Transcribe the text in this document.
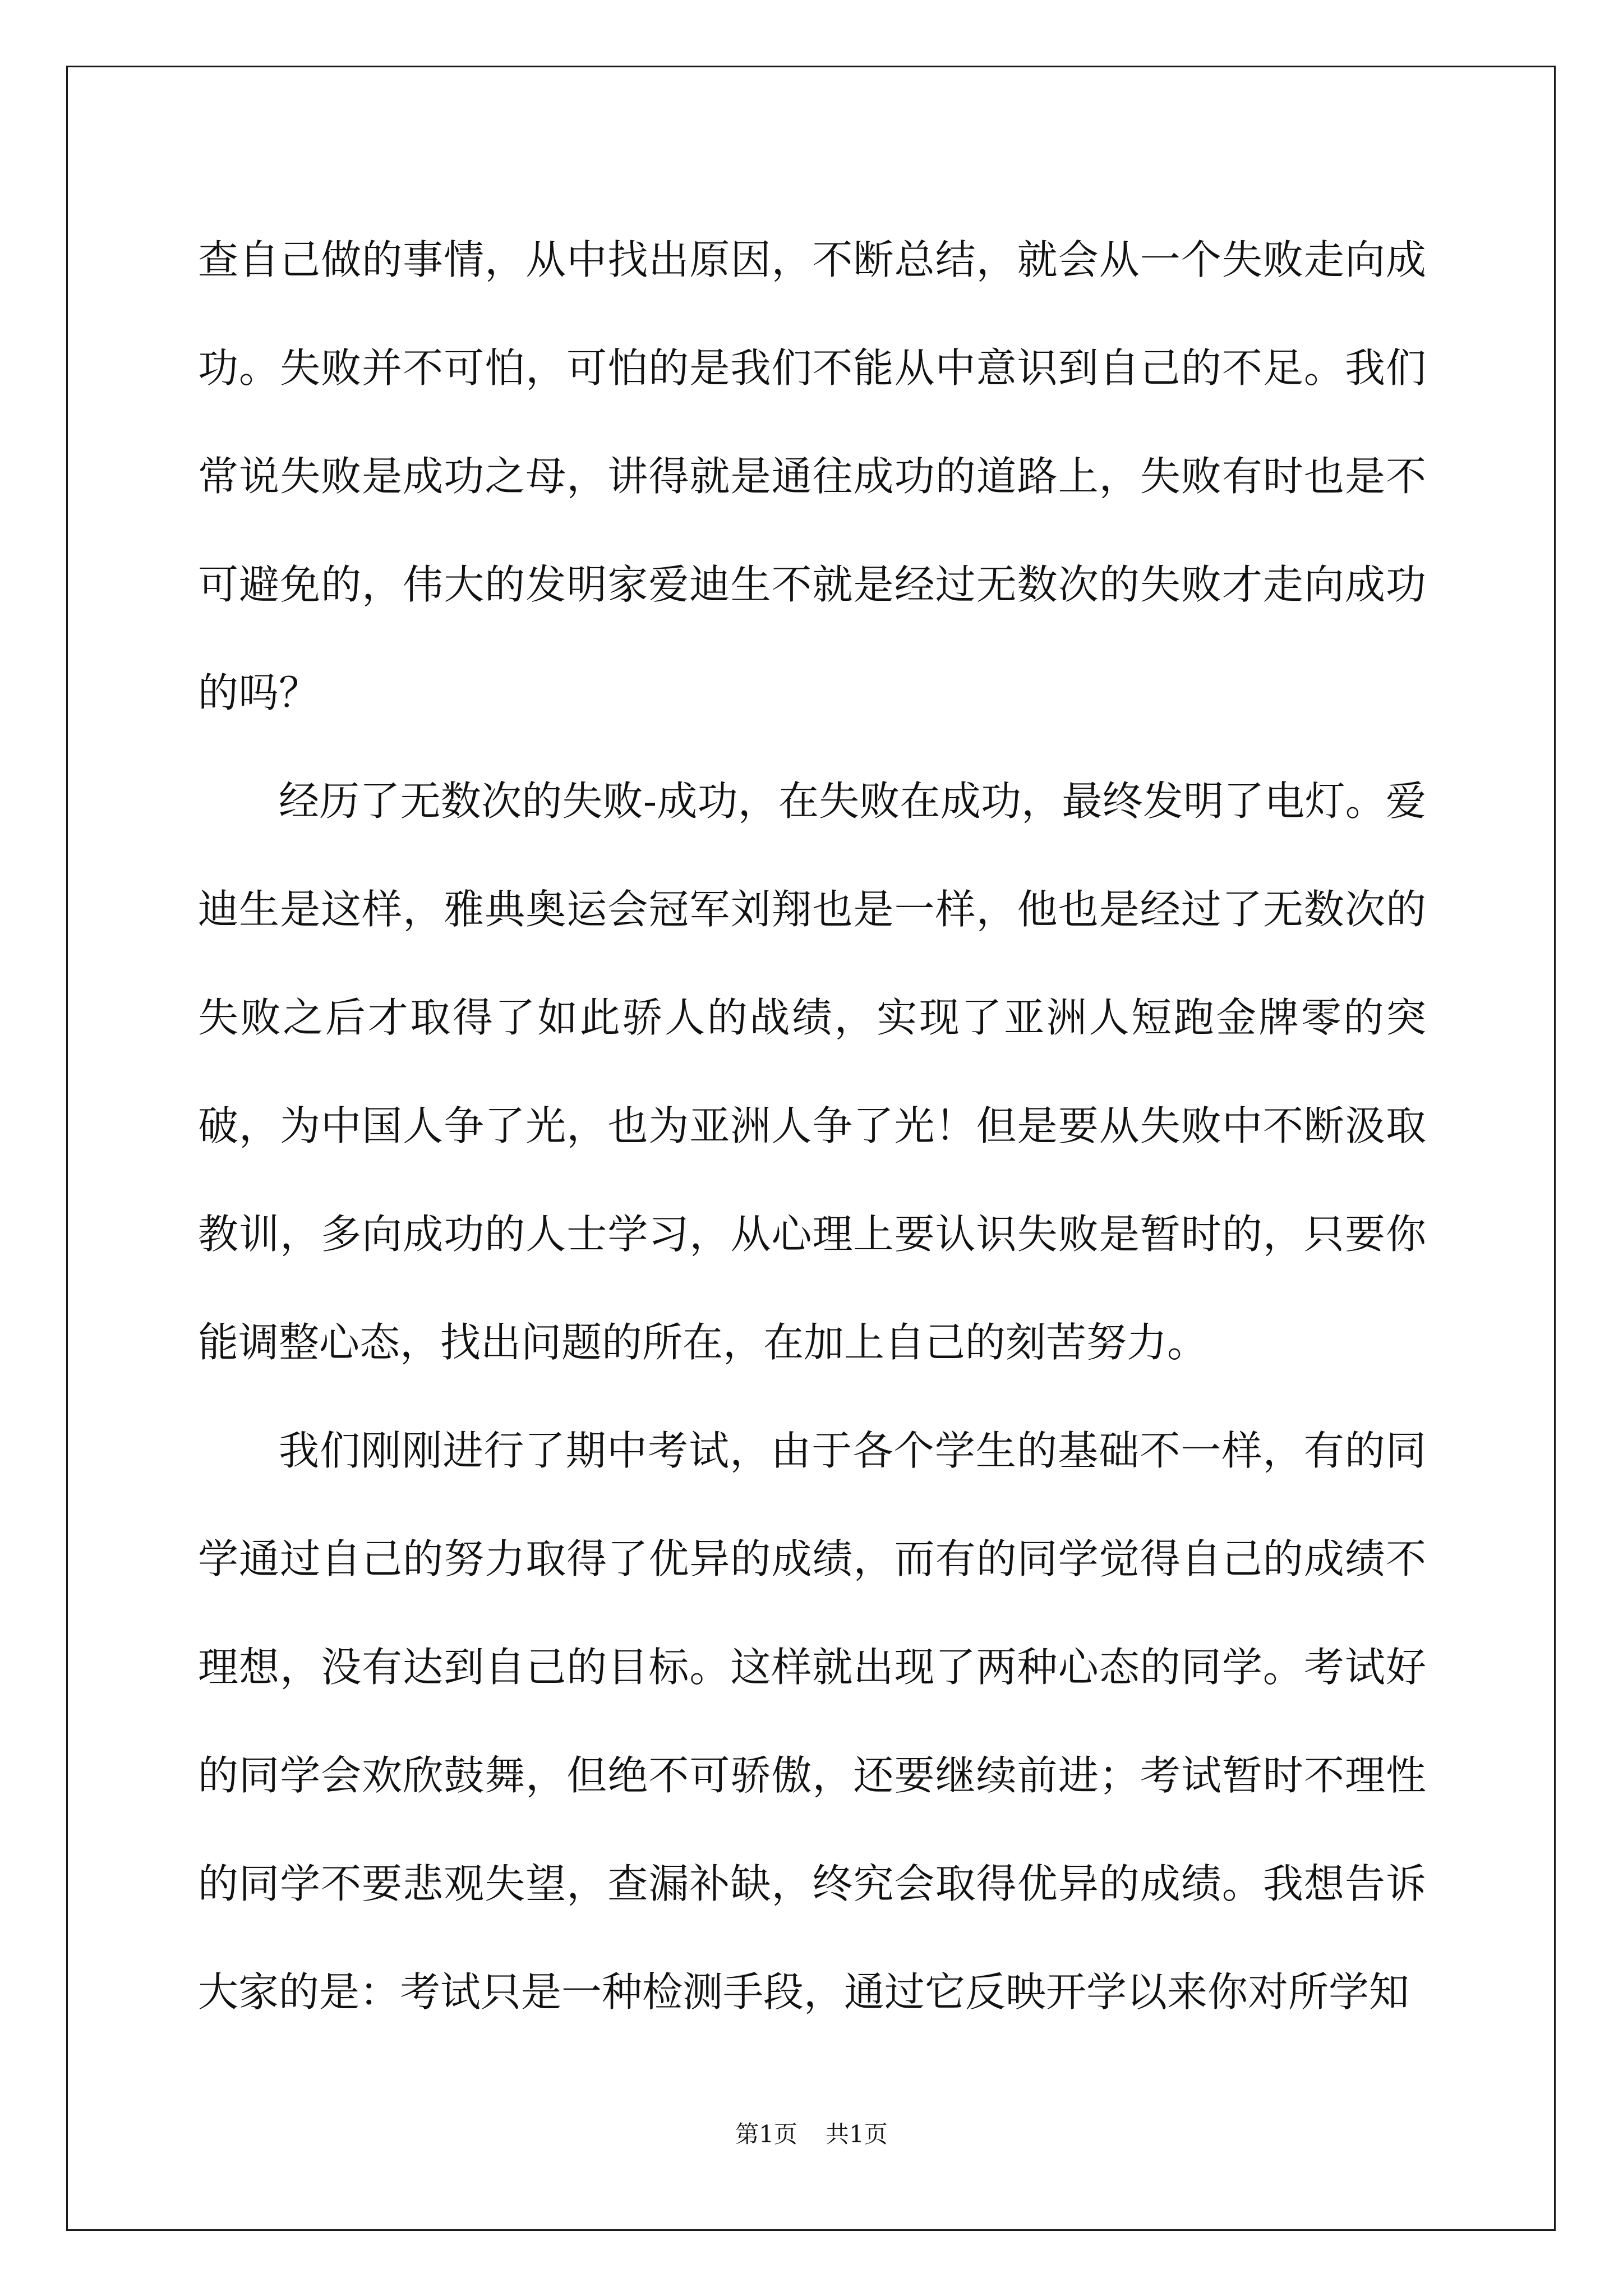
查自己做的事情，从中找出原因，不断总结，就会从一个失败走向成功。失败并不可怕，可怕的是我们不能从中意识到自己的不足。我们常说失败是成功之母，讲得就是通往成功的道路上，失败有时也是不可避免的，伟大的发明家爱迪生不就是经过无数次的失败才走向成功的吗？

经历了无数次的失败-成功，在失败在成功，最终发明了电灯。爱迪生是这样，雅典奥运会冠军刘翔也是一样，他也是经过了无数次的失败之后才取得了如此骄人的战绩，实现了亚洲人短跑金牌零的突破，为中国人争了光，也为亚洲人争了光！但是要从失败中不断汲取教训，多向成功的人士学习，从心理上要认识失败是暂时的，只要你能调整心态，找出问题的所在，在加上自己的刻苦努力。

我们刚刚进行了期中考试，由于各个学生的基础不一样，有的同学通过自己的努力取得了优异的成绩，而有的同学觉得自己的成绩不理想，没有达到自己的目标。这样就出现了两种心态的同学。考试好的同学会欢欣鼓舞，但绝不可骄傲，还要继续前进；考试暂时不理性的同学不要悲观失望，查漏补缺，终究会取得优异的成绩。我想告诉大家的是：考试只是一种检测手段，通过它反映开学以来你对所学知

第1页 共1页
